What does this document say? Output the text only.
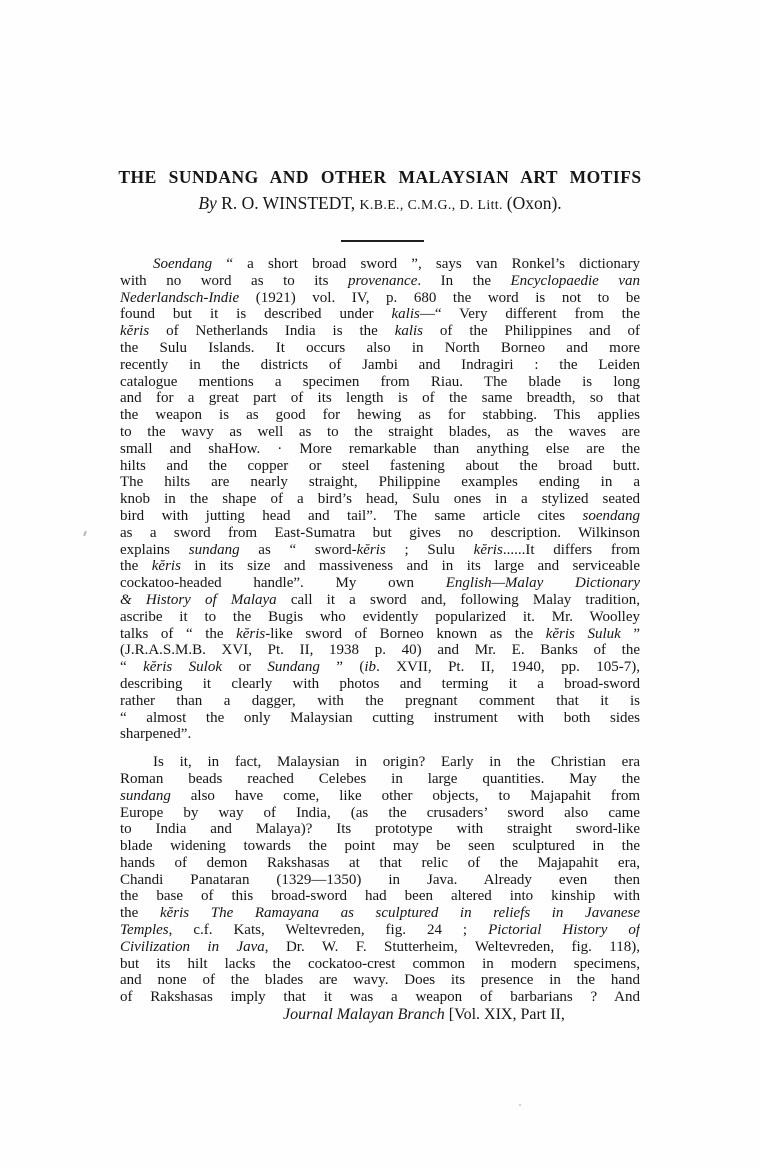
THE SUNDANG AND OTHER MALAYSIAN ART MOTIFS
By R. O. WINSTEDT, K.B.E., C.M.G., D. Litt. (Oxon).
Soendang “ a short broad sword ”, says van Ronkel’s dictionary
with no word as to its provenance. In the Encyclopaedie van
Nederlandsch-Indie (1921) vol. IV, p. 680 the word is not to be
found but it is described under kalis—“ Very different from the
kĕris of Netherlands India is the kalis of the Philippines and of
the Sulu Islands. It occurs also in North Borneo and more
recently in the districts of Jambi and Indragiri : the Leiden
catalogue mentions a specimen from Riau. The blade is long
and for a great part of its length is of the same breadth, so that
the weapon is as good for hewing as for stabbing. This applies
to the wavy as well as to the straight blades, as the waves are
small and shaHow. · More remarkable than anything else are the
hilts and the copper or steel fastening about the broad butt.
The hilts are nearly straight, Philippine examples ending in a
knob in the shape of a bird’s head, Sulu ones in a stylized seated
bird with jutting head and tail”. The same article cites soendang
as a sword from East-Sumatra but gives no description. Wilkinson
explains sundang as “ sword-kĕris ; Sulu kĕris......It differs from
the kĕris in its size and massiveness and in its large and serviceable
cockatoo-headed handle”. My own English—Malay Dictionary
& History of Malaya call it a sword and, following Malay tradition,
ascribe it to the Bugis who evidently popularized it. Mr. Woolley
talks of “ the kĕris-like sword of Borneo known as the kĕris Suluk ”
(J.R.A.S.M.B. XVI, Pt. II, 1938 p. 40) and Mr. E. Banks of the
“ kĕris Sulok or Sundang ” (ib. XVII, Pt. II, 1940, pp. 105-7),
describing it clearly with photos and terming it a broad-sword
rather than a dagger, with the pregnant comment that it is
“ almost the only Malaysian cutting instrument with both sides
sharpened”.
Is it, in fact, Malaysian in origin? Early in the Christian era
Roman beads reached Celebes in large quantities. May the
sundang also have come, like other objects, to Majapahit from
Europe by way of India, (as the crusaders’ sword also came
to India and Malaya)? Its prototype with straight sword-like
blade widening towards the point may be seen sculptured in the
hands of demon Rakshasas at that relic of the Majapahit era,
Chandi Panataran (1329—1350) in Java. Already even then
the base of this broad-sword had been altered into kinship with
the kĕris The Ramayana as sculptured in reliefs in Javanese
Temples, c.f. Kats, Weltevreden, fig. 24 ; Pictorial History of
Civilization in Java, Dr. W. F. Stutterheim, Weltevreden, fig. 118),
but its hilt lacks the cockatoo-crest common in modern specimens,
and none of the blades are wavy. Does its presence in the hand
of Rakshasas imply that it was a weapon of barbarians ? And
Journal Malayan Branch [Vol. XIX, Part II,
